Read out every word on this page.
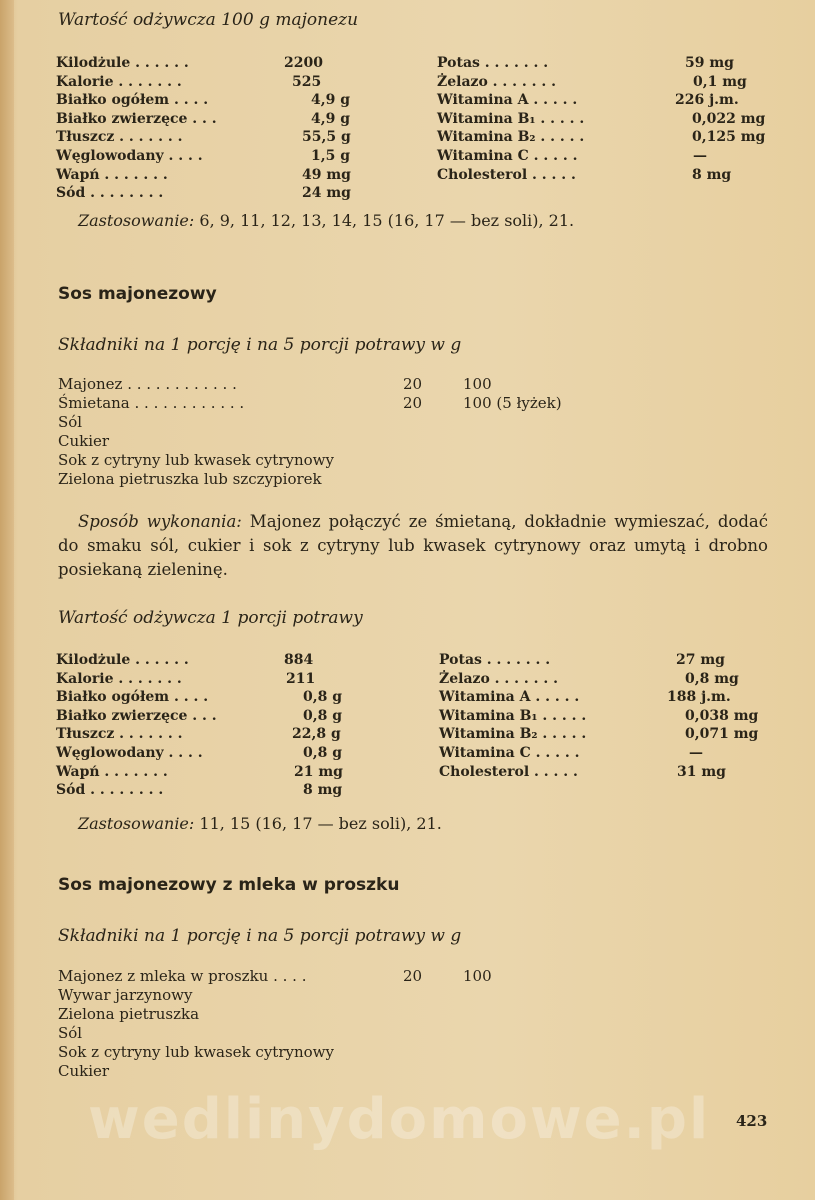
Wartość odżywcza 100 g majonezu
Kilodżule . . . . . .	2200
Kalorie . . . . . . .	525
Białko ogółem . . . .	4,9 g
Białko zwierzęce . . .	4,9 g
Tłuszcz . . . . . . .	55,5 g
Węglowodany . . . .	1,5 g
Wapń . . . . . . .	49 mg
Sód . . . . . . . .	24 mg
Potas . . . . . . .	59 mg
Żelazo . . . . . . .	0,1 mg
Witamina A . . . . .	226 j.m.
Witamina B₁ . . . . .	0,022 mg
Witamina B₂ . . . . .	0,125 mg
Witamina C . . . . .	—
Cholesterol . . . . .	8 mg
Zastosowanie: 6, 9, 11, 12, 13, 14, 15 (16, 17 — bez soli), 21.
Sos majonezowy
Składniki na 1 porcję i na 5 porcji potrawy w g
Majonez . . . . . . . . . . . .	20	100
Śmietana . . . . . . . . . . . .	20	100 (5 łyżek)
Sól
Cukier
Sok z cytryny lub kwasek cytrynowy
Zielona pietruszka lub szczypiorek
Sposób wykonania: Majonez połączyć ze śmietaną, dokładnie wymieszać, dodać do smaku sól, cukier i sok z cytryny lub kwasek cytrynowy oraz umytą i drobno posiekaną zieleninę.
Wartość odżywcza 1 porcji potrawy
Kilodżule . . . . . .	884
Kalorie . . . . . . .	211
Białko ogółem . . . .	0,8 g
Białko zwierzęce . . .	0,8 g
Tłuszcz . . . . . . .	22,8 g
Węglowodany . . . .	0,8 g
Wapń . . . . . . .	21 mg
Sód . . . . . . . .	8 mg
Potas . . . . . . .	27 mg
Żelazo . . . . . . .	0,8 mg
Witamina A . . . . .	188 j.m.
Witamina B₁ . . . . .	0,038 mg
Witamina B₂ . . . . .	0,071 mg
Witamina C . . . . .	—
Cholesterol . . . . .	31 mg
Zastosowanie: 11, 15 (16, 17 — bez soli), 21.
Sos majonezowy z mleka w proszku
Składniki na 1 porcję i na 5 porcji potrawy w g
Majonez z mleka w proszku . . . .	20	100
Wywar jarzynowy
Zielona pietruszka
Sól
Sok z cytryny lub kwasek cytrynowy
Cukier
wedlinydomowe.pl 423
